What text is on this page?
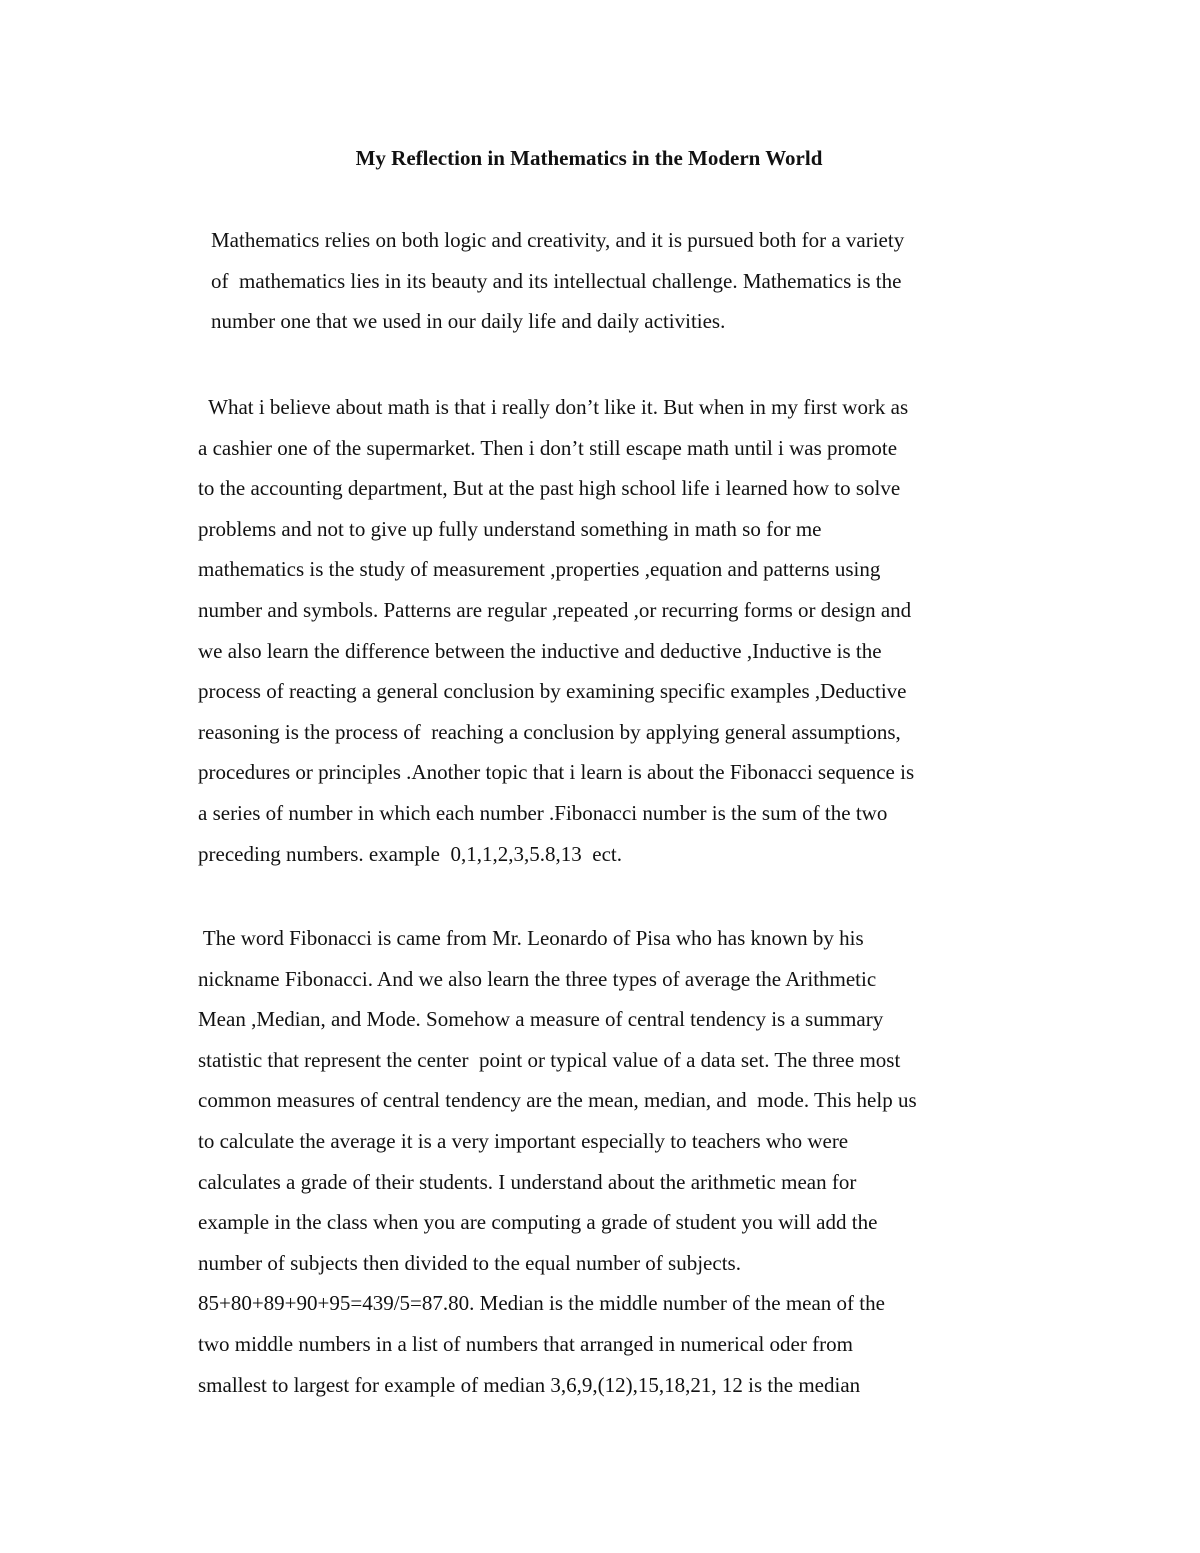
My Reflection in Mathematics in the Modern World
Mathematics relies on both logic and creativity, and it is pursued both for a variety
of  mathematics lies in its beauty and its intellectual challenge. Mathematics is the
number one that we used in our daily life and daily activities.
What i believe about math is that i really don’t like it. But when in my first work as
a cashier one of the supermarket. Then i don’t still escape math until i was promote
to the accounting department, But at the past high school life i learned how to solve
problems and not to give up fully understand something in math so for me
mathematics is the study of measurement ,properties ,equation and patterns using
number and symbols. Patterns are regular ,repeated ,or recurring forms or design and
we also learn the difference between the inductive and deductive ,Inductive is the
process of reacting a general conclusion by examining specific examples ,Deductive
reasoning is the process of  reaching a conclusion by applying general assumptions,
procedures or principles .Another topic that i learn is about the Fibonacci sequence is
a series of number in which each number .Fibonacci number is the sum of the two
preceding numbers. example  0,1,1,2,3,5.8,13  ect.
The word Fibonacci is came from Mr. Leonardo of Pisa who has known by his
nickname Fibonacci. And we also learn the three types of average the Arithmetic
Mean ,Median, and Mode. Somehow a measure of central tendency is a summary
statistic that represent the center  point or typical value of a data set. The three most
common measures of central tendency are the mean, median, and  mode. This help us
to calculate the average it is a very important especially to teachers who were
calculates a grade of their students. I understand about the arithmetic mean for
example in the class when you are computing a grade of student you will add the
number of subjects then divided to the equal number of subjects.
85+80+89+90+95=439/5=87.80. Median is the middle number of the mean of the
two middle numbers in a list of numbers that arranged in numerical oder from
smallest to largest for example of median 3,6,9,(12),15,18,21, 12 is the median
